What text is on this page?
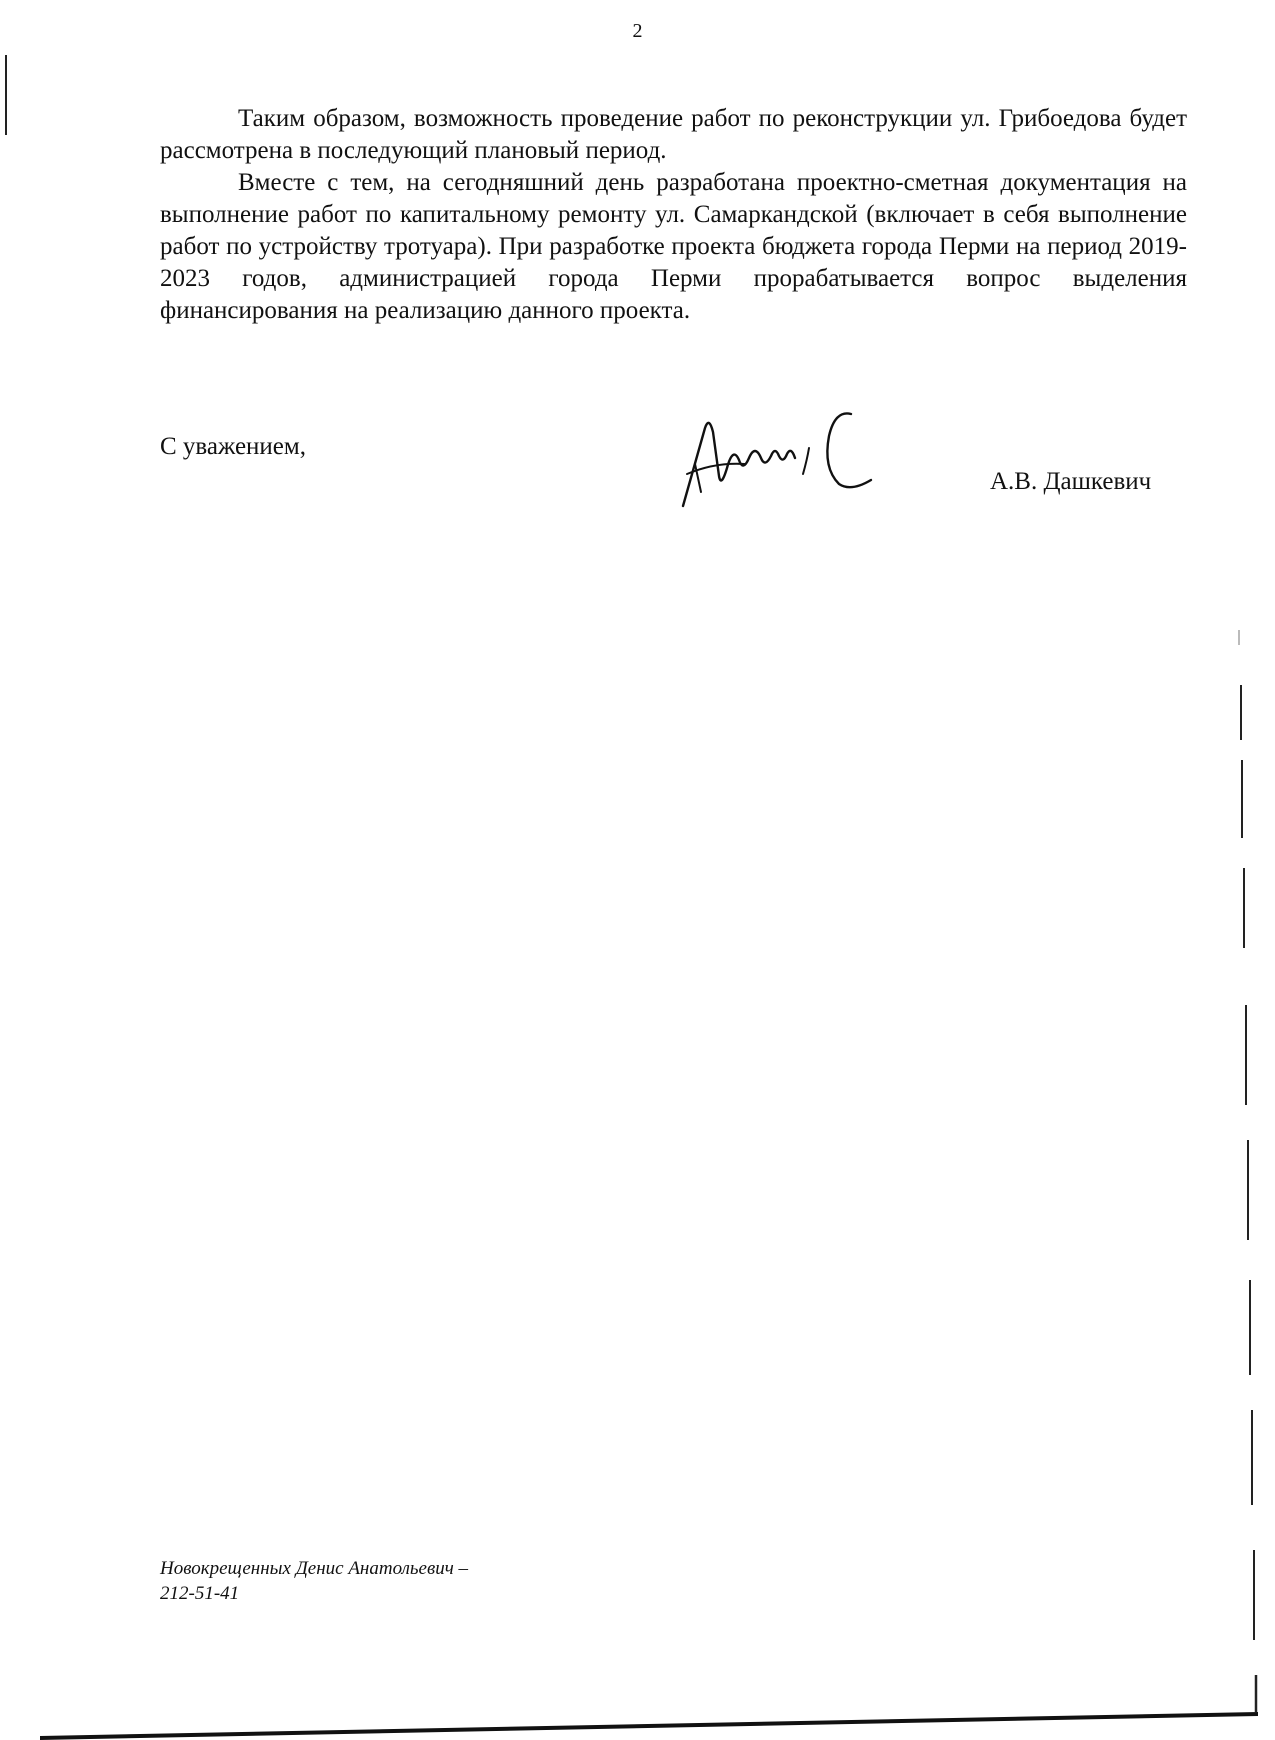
2

Таким образом, возможность проведение работ по реконструкции ул. Грибоедова будет рассмотрена в последующий плановый период.

Вместе с тем, на сегодняшний день разработана проектно-сметная документация на выполнение работ по капитальному ремонту ул. Самаркандской (включает в себя выполнение работ по устройству тротуара). При разработке проекта бюджета города Перми на период 2019-2023 годов, администрацией города Перми прорабатывается вопрос выделения финансирования на реализацию данного проекта.

С уважением,
А.В. Дашкевич
Новокрещенных Денис Анатольевич –
212-51-41
